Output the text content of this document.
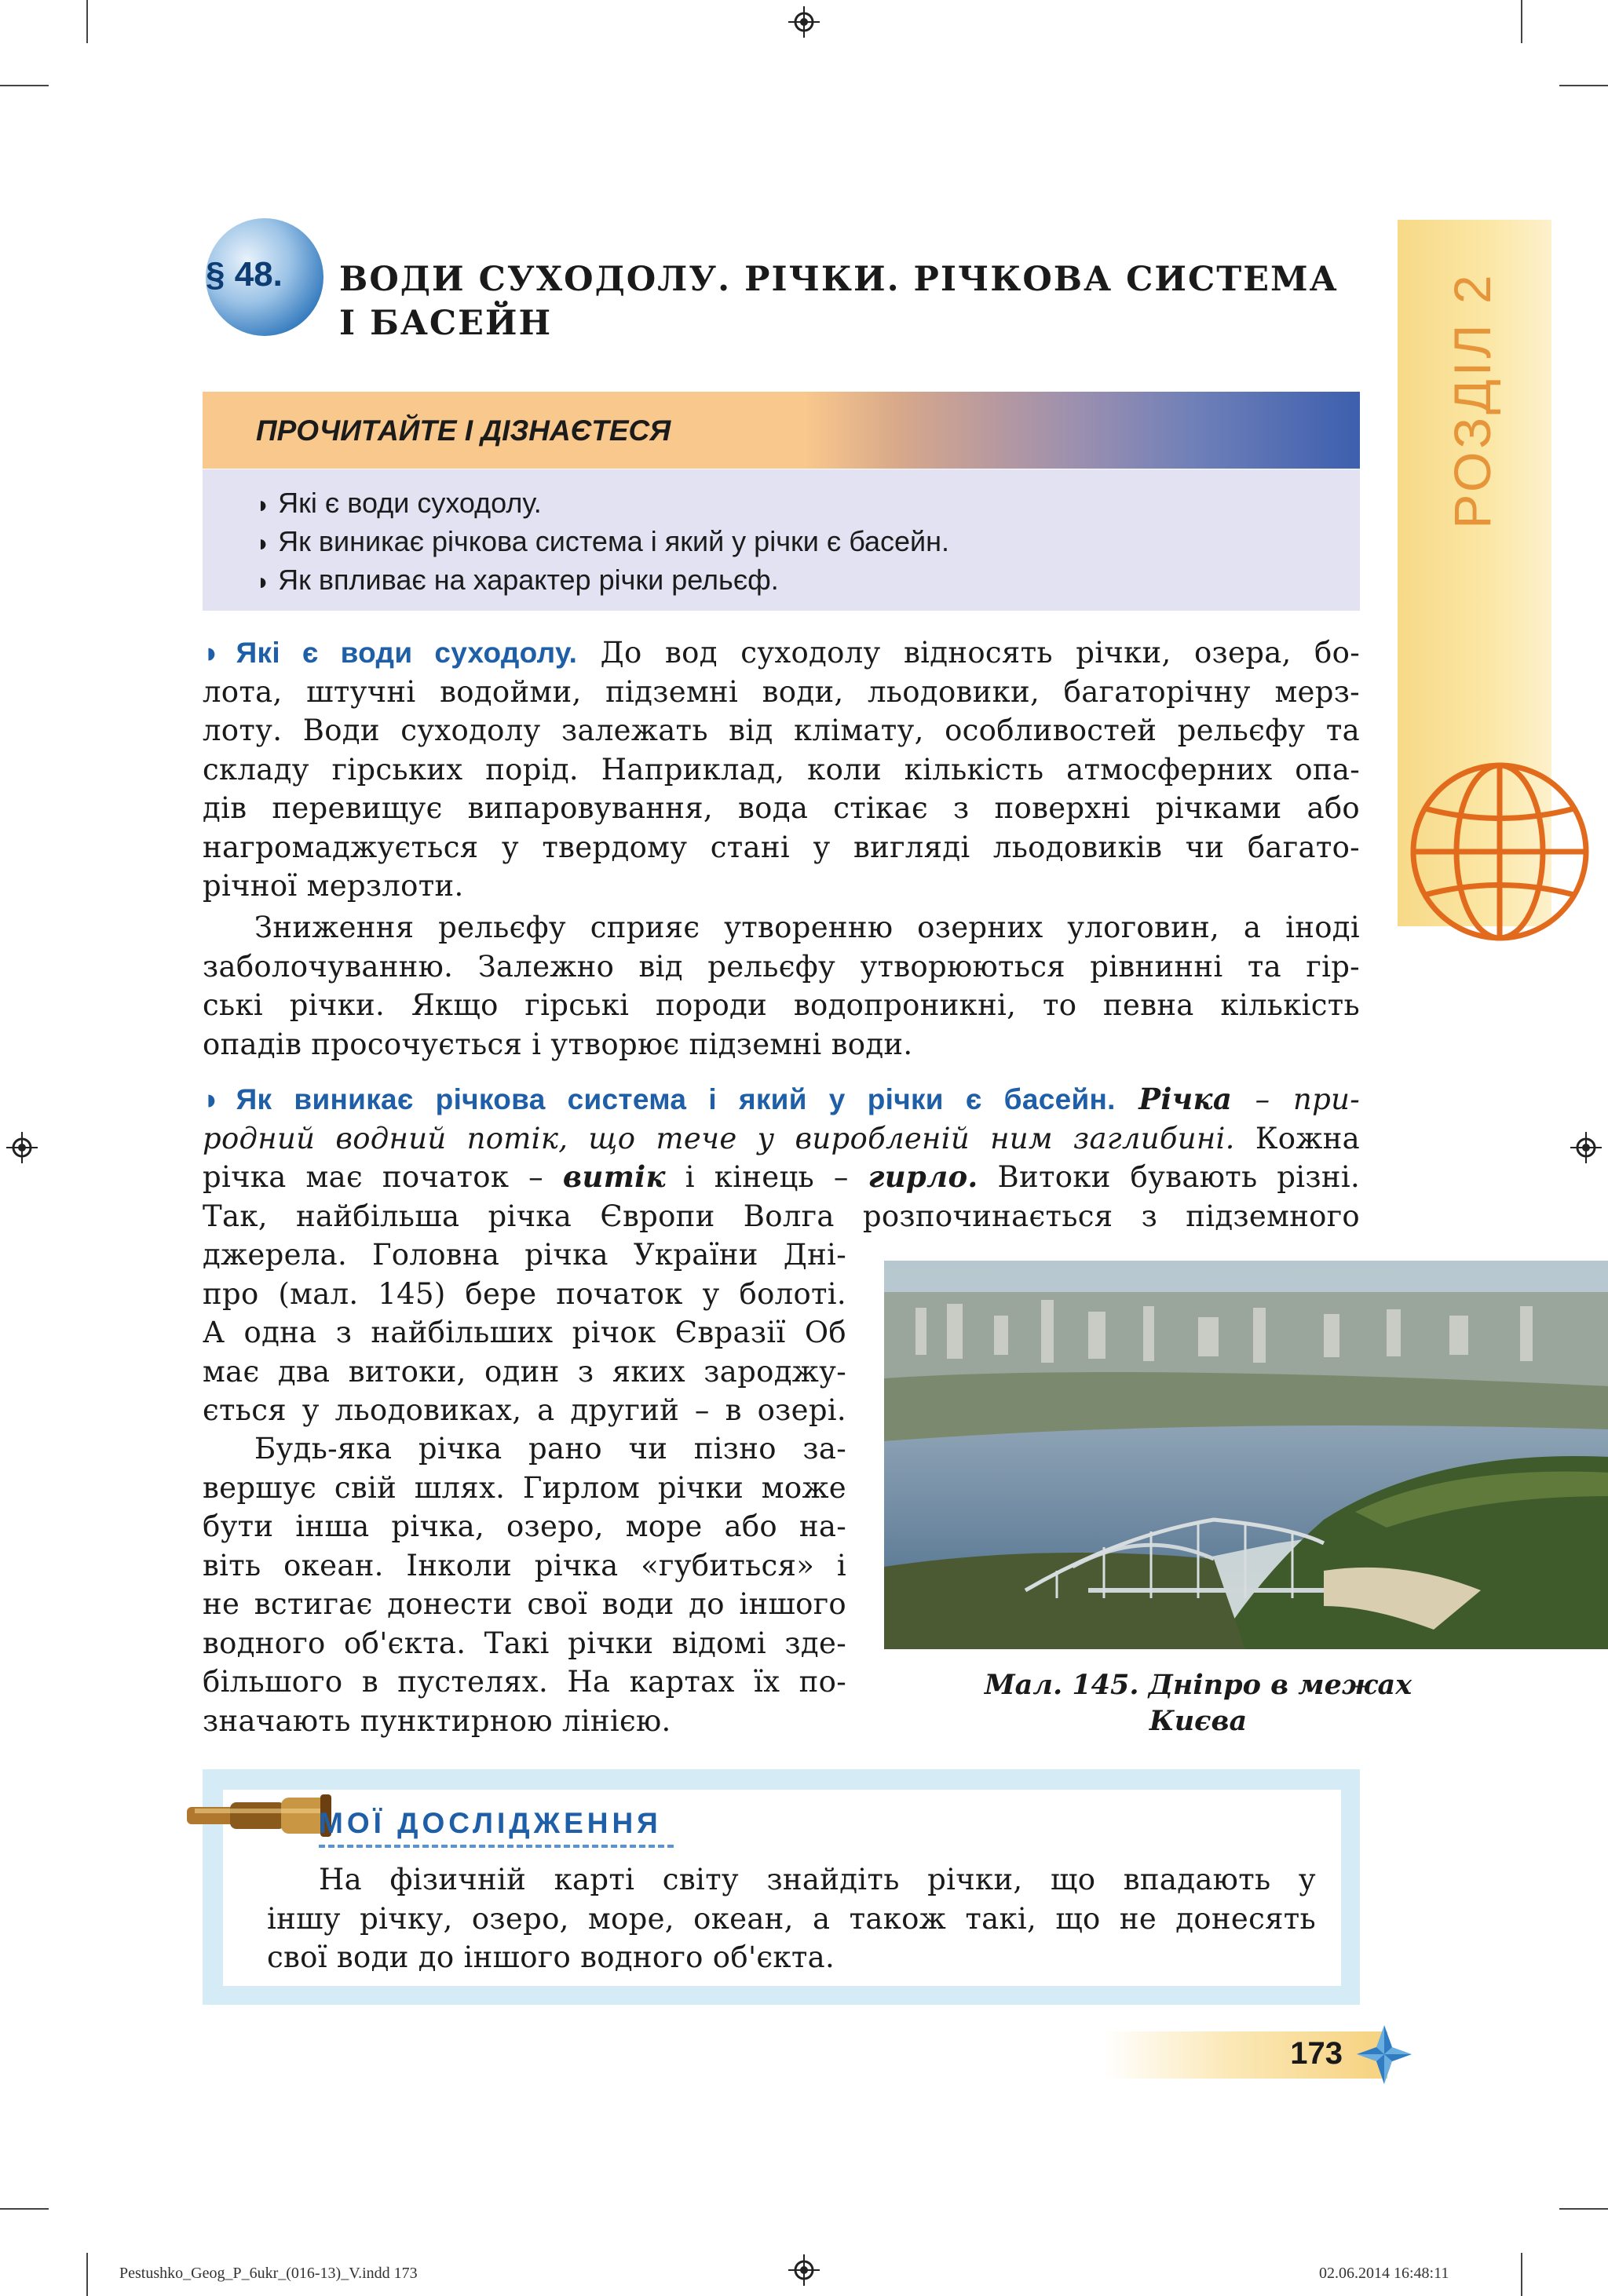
РОЗДІЛ 2
§ 48. ВОДИ СУХОДОЛУ. РІЧКИ. РІЧКОВА СИСТЕМА
І БАСЕЙН
ПРОЧИТАЙТЕ І ДІЗНАЄТЕСЯ
◗ Які є води суходолу.
◗ Як виникає річкова система і який у річки є басейн.
◗ Як впливає на характер річки рельєф.
◗ Які є води суходолу. До вод суходолу відносять річки, озера, бо-
лота, штучні водойми, підземні води, льодовики, багаторічну мерз-
лоту. Води суходолу залежать від клімату, особливостей рельєфу та
складу гірських порід. Наприклад, коли кількість атмосферних опа-
дів перевищує випаровування, вода стікає з поверхні річками або
нагромаджується у твердому стані у вигляді льодовиків чи багато-
річної мерзлоти.
Зниження рельєфу сприяє утворенню озерних улоговин, а іноді
заболочуванню. Залежно від рельєфу утворюються рівнинні та гір-
ські річки. Якщо гірські породи водопроникні, то певна кількість
опадів просочується і утворює підземні води.
◗ Як виникає річкова система і який у річки є басейн. Річка – при-
родний водний потік, що тече у виробленій ним заглибині. Кожна
річка має початок – витік і кінець – гирло. Витоки бувають різні.
Так, найбільша річка Європи Волга розпочинається з підземного
джерела. Головна річка України Дні-
про (мал. 145) бере початок у болоті.
А одна з найбільших річок Євразії Об
має два витоки, один з яких зароджу-
ється у льодовиках, а другий – в озері.
Будь-яка річка рано чи пізно за-
вершує свій шлях. Гирлом річки може
бути інша річка, озеро, море або на-
віть океан. Інколи річка «губиться» і
не встигає донести свої води до іншого
водного об'єкта. Такі річки відомі зде-
більшого в пустелях. На картах їх по-
значають пунктирною лінією.
Мал. 145. Дніпро в межах
Києва
МОЇ ДОСЛІДЖЕННЯ
На фізичній карті світу знайдіть річки, що впадають у
іншу річку, озеро, море, океан, а також такі, що не донесять
свої води до іншого водного об'єкта.
173
Pestushko_Geog_P_6ukr_(016-13)_V.indd 173	02.06.2014 16:48:11
